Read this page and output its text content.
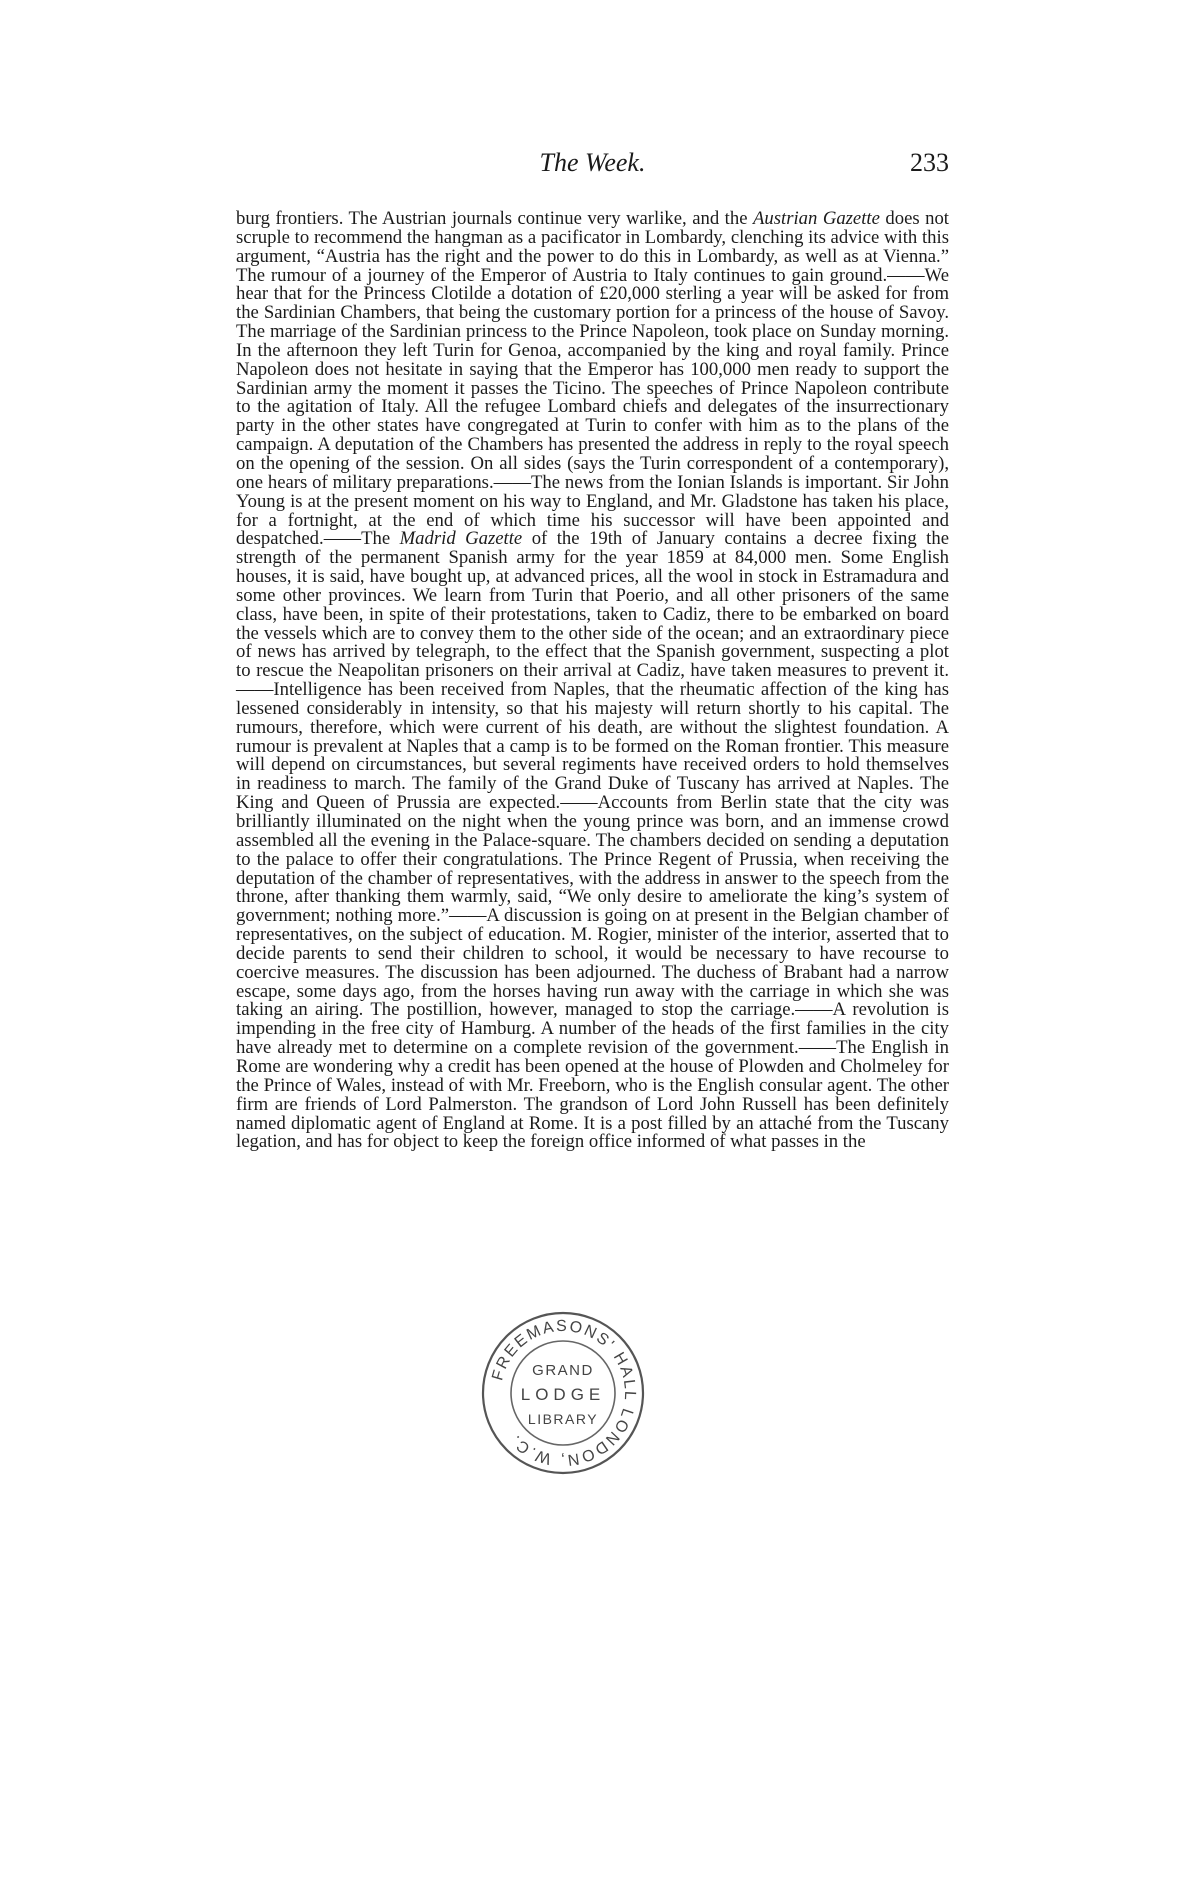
The Week.	233

burg frontiers. The Austrian journals continue very warlike, and the Austrian Gazette does not scruple to recommend the hangman as a pacificator in Lombardy, clenching its advice with this argument, “Austria has the right and the power to do this in Lombardy, as well as at Vienna.” The rumour of a journey of the Emperor of Austria to Italy continues to gain ground.——We hear that for the Princess Clotilde a dotation of £20,000 sterling a year will be asked for from the Sardinian Chambers, that being the customary portion for a princess of the house of Savoy. The marriage of the Sardinian princess to the Prince Napoleon, took place on Sunday morning. In the afternoon they left Turin for Genoa, accompanied by the king and royal family. Prince Napoleon does not hesitate in saying that the Emperor has 100,000 men ready to support the Sardinian army the moment it passes the Ticino. The speeches of Prince Napoleon contribute to the agitation of Italy. All the refugee Lombard chiefs and delegates of the insurrectionary party in the other states have congregated at Turin to confer with him as to the plans of the campaign. A deputation of the Chambers has presented the address in reply to the royal speech on the opening of the session. On all sides (says the Turin correspondent of a contemporary), one hears of military preparations.——The news from the Ionian Islands is important. Sir John Young is at the present moment on his way to England, and Mr. Gladstone has taken his place, for a fortnight, at the end of which time his successor will have been appointed and despatched.——The Madrid Gazette of the 19th of January contains a decree fixing the strength of the permanent Spanish army for the year 1859 at 84,000 men. Some English houses, it is said, have bought up, at advanced prices, all the wool in stock in Estramadura and some other provinces. We learn from Turin that Poerio, and all other prisoners of the same class, have been, in spite of their protestations, taken to Cadiz, there to be embarked on board the vessels which are to convey them to the other side of the ocean; and an extraordinary piece of news has arrived by telegraph, to the effect that the Spanish government, suspecting a plot to rescue the Neapolitan prisoners on their arrival at Cadiz, have taken measures to prevent it.——Intelligence has been received from Naples, that the rheumatic affection of the king has lessened considerably in intensity, so that his majesty will return shortly to his capital. The rumours, therefore, which were current of his death, are without the slightest foundation. A rumour is prevalent at Naples that a camp is to be formed on the Roman frontier. This measure will depend on circumstances, but several regiments have received orders to hold themselves in readiness to march. The family of the Grand Duke of Tuscany has arrived at Naples. The King and Queen of Prussia are expected.——Accounts from Berlin state that the city was brilliantly illuminated on the night when the young prince was born, and an immense crowd assembled all the evening in the Palace-square. The chambers decided on sending a deputation to the palace to offer their congratulations. The Prince Regent of Prussia, when receiving the deputation of the chamber of representatives, with the address in answer to the speech from the throne, after thanking them warmly, said, “We only desire to ameliorate the king’s system of government; nothing more.”——A discussion is going on at present in the Belgian chamber of representatives, on the subject of education. M. Rogier, minister of the interior, asserted that to decide parents to send their children to school, it would be necessary to have recourse to coercive measures. The discussion has been adjourned. The duchess of Brabant had a narrow escape, some days ago, from the horses having run away with the carriage in which she was taking an airing. The postillion, however, managed to stop the carriage.——A revolution is impending in the free city of Hamburg. A number of the heads of the first families in the city have already met to determine on a complete revision of the government.——The English in Rome are wondering why a credit has been opened at the house of Plowden and Cholmeley for the Prince of Wales, instead of with Mr. Freeborn, who is the English consular agent. The other firm are friends of Lord Palmerston. The grandson of Lord John Russell has been definitely named diplomatic agent of England at Rome. It is a post filled by an attaché from the Tuscany legation, and has for object to keep the foreign office informed of what passes in the

FREEMASONS' HALL LONDON, W.C.
GRAND
LODGE
LIBRARY
